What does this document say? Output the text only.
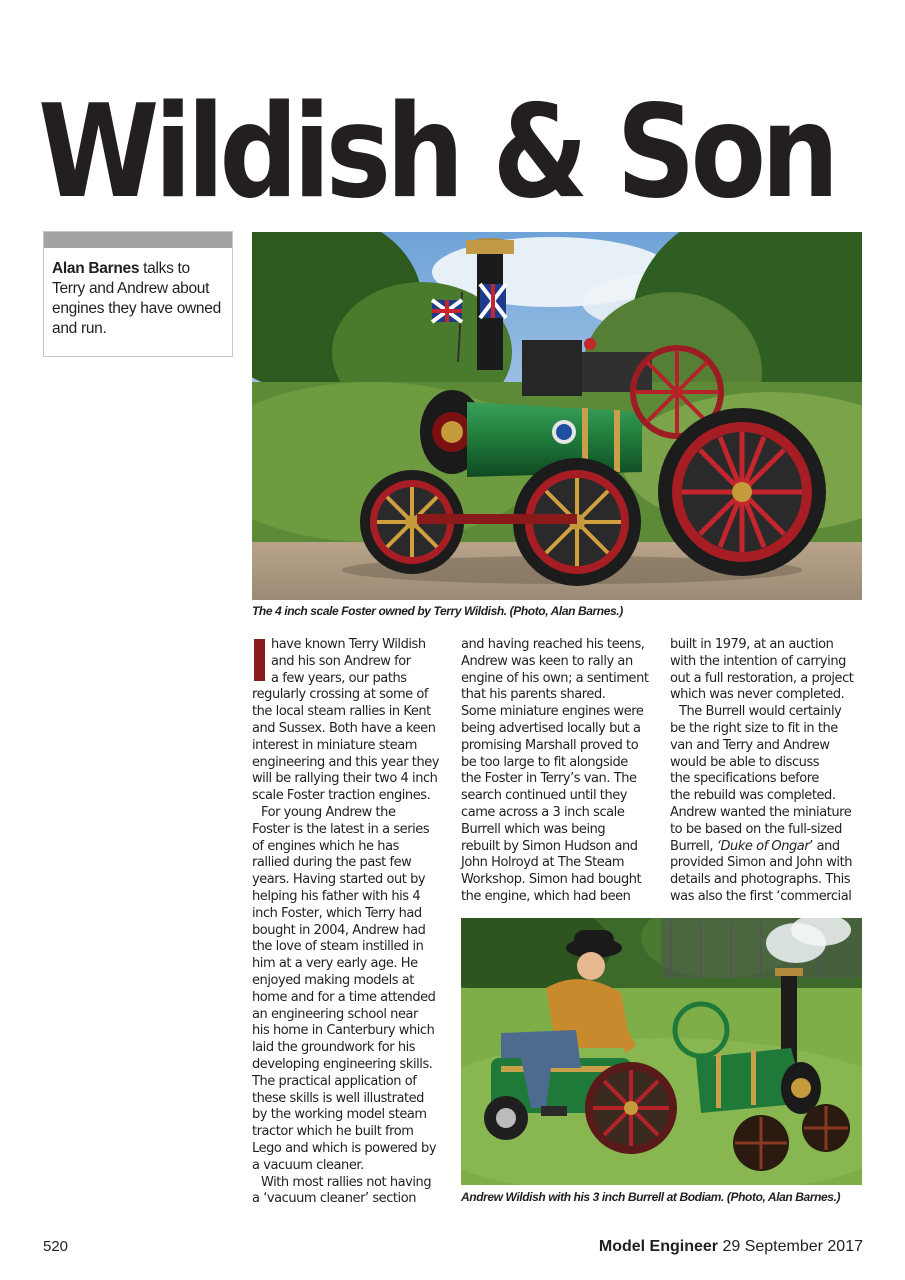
Wildish & Son

Alan Barnes talks to Terry and Andrew about engines they have owned and run.

The 4 inch scale Foster owned by Terry Wildish. (Photo, Alan Barnes.)

have known Terry Wildish
and his son Andrew for
a few years, our paths
regularly crossing at some of
the local steam rallies in Kent
and Sussex. Both have a keen
interest in miniature steam
engineering and this year they
will be rallying their two 4 inch
scale Foster traction engines.

For young Andrew the
Foster is the latest in a series
of engines which he has
rallied during the past few
years. Having started out by
helping his father with his 4
inch Foster, which Terry had
bought in 2004, Andrew had
the love of steam instilled in
him at a very early age. He
enjoyed making models at
home and for a time attended
an engineering school near
his home in Canterbury which
laid the groundwork for his
developing engineering skills.
The practical application of
these skills is well illustrated
by the working model steam
tractor which he built from
Lego and which is powered by
a vacuum cleaner.

With most rallies not having
a ‘vacuum cleaner’ section

and having reached his teens,
Andrew was keen to rally an
engine of his own; a sentiment
that his parents shared.
Some miniature engines were
being advertised locally but a
promising Marshall proved to
be too large to fit alongside
the Foster in Terry’s van. The
search continued until they
came across a 3 inch scale
Burrell which was being
rebuilt by Simon Hudson and
John Holroyd at The Steam
Workshop. Simon had bought
the engine, which had been

built in 1979, at an auction
with the intention of carrying
out a full restoration, a project
which was never completed.

The Burrell would certainly
be the right size to fit in the
van and Terry and Andrew
would be able to discuss
the specifications before
the rebuild was completed.
Andrew wanted the miniature
to be based on the full-sized
Burrell, ‘Duke of Ongar’ and
provided Simon and John with
details and photographs. This
was also the first ‘commercial

Andrew Wildish with his 3 inch Burrell at Bodiam. (Photo, Alan Barnes.)
520	Model Engineer 29 September 2017
